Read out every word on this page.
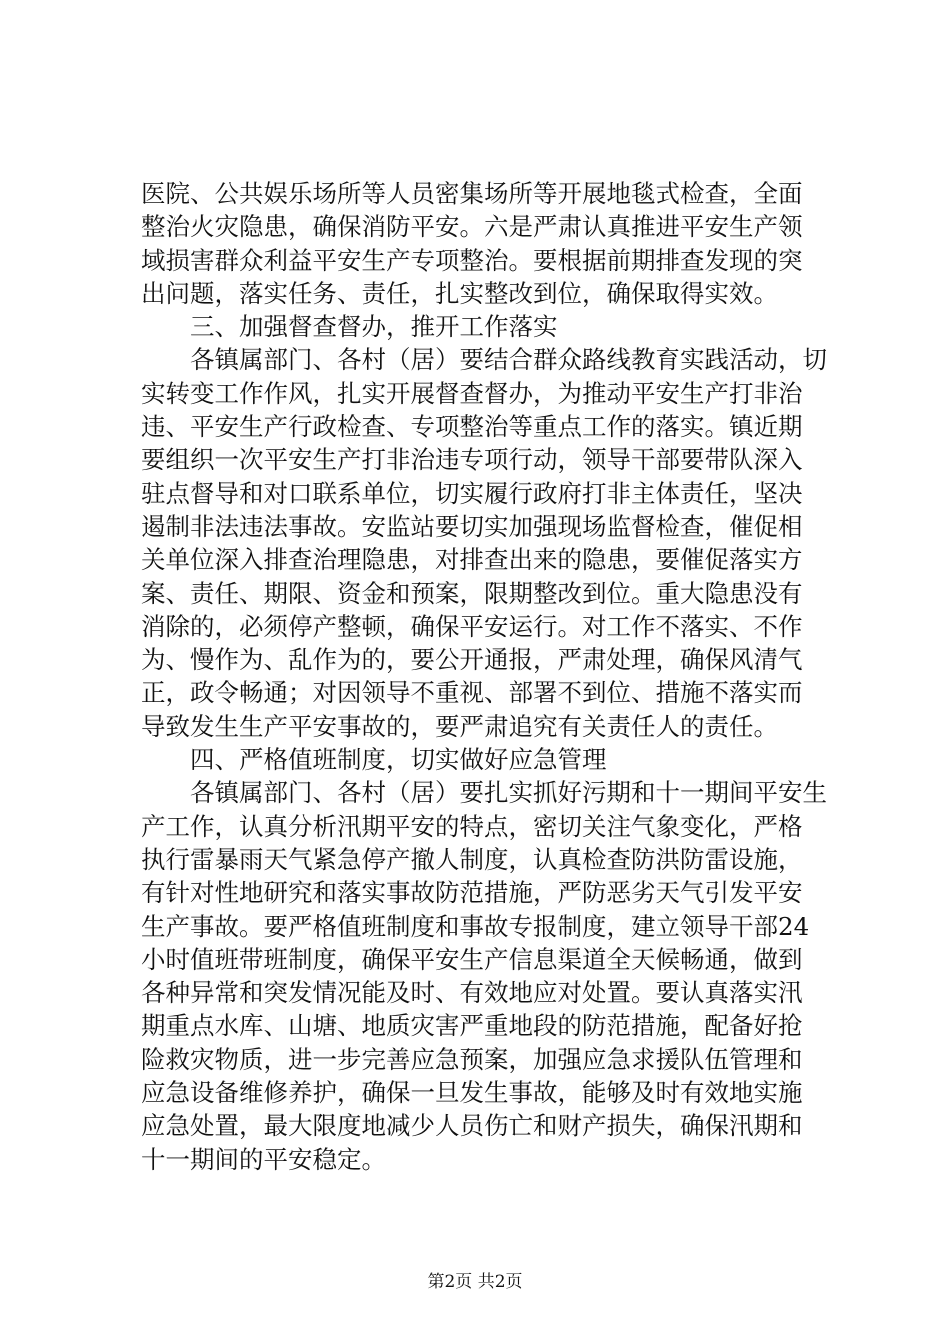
医院、公共娱乐场所等人员密集场所等开展地毯式检查，全面
整治火灾隐患，确保消防平安。六是严肃认真推进平安生产领
域损害群众利益平安生产专项整治。要根据前期排查发现的突
出问题，落实任务、责任，扎实整改到位，确保取得实效。
三、加强督查督办，推开工作落实
各镇属部门、各村（居）要结合群众路线教育实践活动，切
实转变工作作风，扎实开展督查督办，为推动平安生产打非治
违、平安生产行政检查、专项整治等重点工作的落实。镇近期
要组织一次平安生产打非治违专项行动，领导干部要带队深入
驻点督导和对口联系单位，切实履行政府打非主体责任，坚决
遏制非法违法事故。安监站要切实加强现场监督检查，催促相
关单位深入排查治理隐患，对排查出来的隐患，要催促落实方
案、责任、期限、资金和预案，限期整改到位。重大隐患没有
消除的，必须停产整顿，确保平安运行。对工作不落实、不作
为、慢作为、乱作为的，要公开通报，严肃处理，确保风清气
正，政令畅通；对因领导不重视、部署不到位、措施不落实而
导致发生生产平安事故的，要严肃追究有关责任人的责任。
四、严格值班制度，切实做好应急管理
各镇属部门、各村（居）要扎实抓好污期和十一期间平安生
产工作，认真分析汛期平安的特点，密切关注气象变化，严格
执行雷暴雨天气紧急停产撤人制度，认真检查防洪防雷设施，
有针对性地研究和落实事故防范措施，严防恶劣天气引发平安
生产事故。要严格值班制度和事故专报制度，建立领导干部24
小时值班带班制度，确保平安生产信息渠道全天候畅通，做到
各种异常和突发情况能及时、有效地应对处置。要认真落实汛
期重点水库、山塘、地质灾害严重地段的防范措施，配备好抢
险救灾物质，进一步完善应急预案，加强应急求援队伍管理和
应急设备维修养护，确保一旦发生事故，能够及时有效地实施
应急处置，最大限度地减少人员伤亡和财产损失，确保汛期和
十一期间的平安稳定。
第2页 共2页
